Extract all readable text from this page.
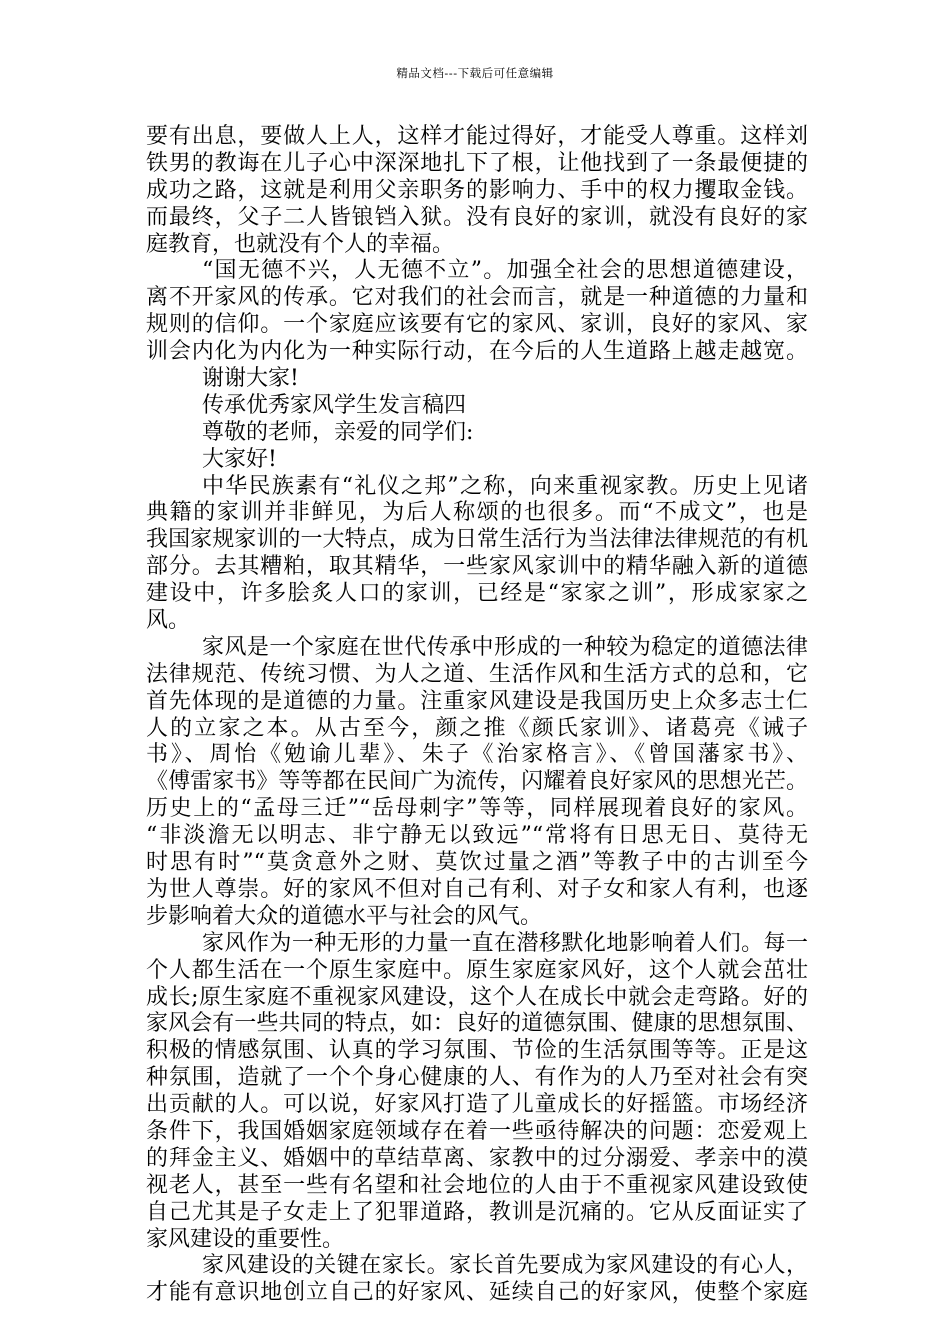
精品文档---下载后可任意编辑
要有出息，要做人上人，这样才能过得好，才能受人尊重。这样刘
铁男的教诲在儿子心中深深地扎下了根，让他找到了一条最便捷的
成功之路，这就是利用父亲职务的影响力、手中的权力攫取金钱。
而最终，父子二人皆锒铛入狱。没有良好的家训，就没有良好的家
庭教育，也就没有个人的幸福。
“国无德不兴，人无德不立”。加强全社会的思想道德建设，
离不开家风的传承。它对我们的社会而言，就是一种道德的力量和
规则的信仰。一个家庭应该要有它的家风、家训，良好的家风、家
训会内化为内化为一种实际行动，在今后的人生道路上越走越宽。
谢谢大家!
传承优秀家风学生发言稿四
尊敬的老师，亲爱的同学们:
大家好!
中华民族素有“礼仪之邦”之称，向来重视家教。历史上见诸
典籍的家训并非鲜见，为后人称颂的也很多。而“不成文”，也是
我国家规家训的一大特点，成为日常生活行为当法律法律规范的有机
部分。去其糟粕，取其精华，一些家风家训中的精华融入新的道德
建设中，许多脍炙人口的家训，已经是“家家之训”，形成家家之
风。
家风是一个家庭在世代传承中形成的一种较为稳定的道德法律
法律规范、传统习惯、为人之道、生活作风和生活方式的总和，它
首先体现的是道德的力量。注重家风建设是我国历史上众多志士仁
人的立家之本。从古至今，颜之推《颜氏家训》、诸葛亮《诫子
书》、周怡《勉谕儿辈》、朱子《治家格言》、《曾国藩家书》、
《傅雷家书》等等都在民间广为流传，闪耀着良好家风的思想光芒。
历史上的“孟母三迁”“岳母刺字”等等，同样展现着良好的家风。
“非淡澹无以明志、非宁静无以致远”“常将有日思无日、莫待无
时思有时”“莫贪意外之财、莫饮过量之酒”等教子中的古训至今
为世人尊崇。好的家风不但对自己有利、对子女和家人有利，也逐
步影响着大众的道德水平与社会的风气。
家风作为一种无形的力量一直在潜移默化地影响着人们。每一
个人都生活在一个原生家庭中。原生家庭家风好，这个人就会茁壮
成长;原生家庭不重视家风建设，这个人在成长中就会走弯路。好的
家风会有一些共同的特点，如：良好的道德氛围、健康的思想氛围、
积极的情感氛围、认真的学习氛围、节俭的生活氛围等等。正是这
种氛围，造就了一个个身心健康的人、有作为的人乃至对社会有突
出贡献的人。可以说，好家风打造了儿童成长的好摇篮。市场经济
条件下，我国婚姻家庭领域存在着一些亟待解决的问题：恋爱观上
的拜金主义、婚姻中的草结草离、家教中的过分溺爱、孝亲中的漠
视老人，甚至一些有名望和社会地位的人由于不重视家风建设致使
自己尤其是子女走上了犯罪道路，教训是沉痛的。它从反面证实了
家风建设的重要性。
家风建设的关键在家长。家长首先要成为家风建设的有心人，
才能有意识地创立自己的好家风、延续自己的好家风，使整个家庭
